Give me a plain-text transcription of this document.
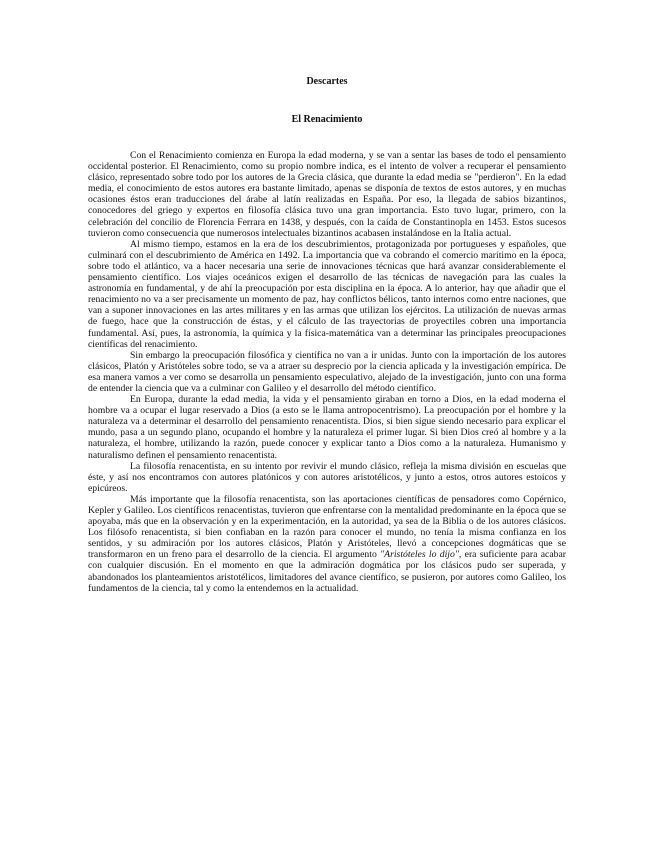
Descartes
El Renacimiento

Con el Renacimiento comienza en Europa la edad moderna, y se van a sentar las bases de todo el pensamiento occidental posterior. El Renacimiento, como su propio nombre indica, es el intento de volver a recuperar el pensamiento clásico, representado sobre todo por los autores de la Grecia clásica, que durante la edad media se "perdieron". En la edad media, el conocimiento de estos autores era bastante limitado, apenas se disponía de textos de estos autores, y en muchas ocasiones éstos eran traducciones del árabe al latín realizadas en España. Por eso, la llegada de sabios bizantinos, conocedores del griego y expertos en filosofía clásica tuvo una gran importancia. Esto tuvo lugar, primero, con la celebración del concilio de Florencia Ferrara en 1438, y después, con la caída de Constantinopla en 1453. Estos sucesos tuvieron como consecuencia que numerosos intelectuales bizantinos acabasen instalándose en la Italia actual.

Al mismo tiempo, estamos en la era de los descubrimientos, protagonizada por portugueses y españoles, que culminará con el descubrimiento de América en 1492. La importancia que va cobrando el comercio marítimo en la época, sobre todo el atlántico, va a hacer necesaria una serie de innovaciones técnicas que hará avanzar considerablemente el pensamiento científico. Los viajes oceánicos exigen el desarrollo de las técnicas de navegación para las cuales la astronomía en fundamental, y de ahí la preocupación por esta disciplina en la época. A lo anterior, hay que añadir que el renacimiento no va a ser precisamente un momento de paz, hay conflictos bélicos, tanto internos como entre naciones, que van a suponer innovaciones en las artes militares y en las armas que utilizan los ejércitos. La utilización de nuevas armas de fuego, hace que la construcción de éstas, y el cálculo de las trayectorias de proyectiles cobren una importancia fundamental. Así, pues, la astronomía, la química y la física-matemática van a determinar las principales preocupaciones científicas del renacimiento.

Sin embargo la preocupación filosófica y científica no van a ir unidas. Junto con la importación de los autores clásicos, Platón y Aristóteles sobre todo, se va a atraer su desprecio por la ciencia aplicada y la investigación empírica. De esa manera vamos a ver como se desarrolla un pensamiento especulativo, alejado de la investigación, junto con una forma de entender la ciencia que va a culminar con Galileo y el desarrollo del método científico.

En Europa, durante la edad media, la vida y el pensamiento giraban en torno a Dios, en la edad moderna el hombre va a ocupar el lugar reservado a Dios (a esto se le llama antropocentrismo). La preocupación por el hombre y la naturaleza va a determinar el desarrollo del pensamiento renacentista. Dios, si bien sigue siendo necesario para explicar el mundo, pasa a un segundo plano, ocupando el hombre y la naturaleza el primer lugar. Si bien Dios creó al hombre y a la naturaleza, el hombre, utilizando la razón, puede conocer y explicar tanto a Dios como a la naturaleza. Humanismo y naturalismo definen el pensamiento renacentista.

La filosofía renacentista, en su intento por revivir el mundo clásico, refleja la misma división en escuelas que éste, y así nos encontramos con autores platónicos y con autores aristotélicos, y junto a estos, otros autores estoicos y epicúreos.

Más importante que la filosofía renacentista, son las aportaciones científicas de pensadores como Copérnico, Kepler y Galileo. Los científicos renacentistas, tuvieron que enfrentarse con la mentalidad predominante en la época que se apoyaba, más que en la observación y en la experimentación, en la autoridad, ya sea de la Biblia o de los autores clásicos. Los filósofo renacentista, si bien confiaban en la razón para conocer el mundo, no tenía la misma confianza en los sentidos, y su admiración por los autores clásicos, Platón y Aristóteles, llevó a concepciones dogmáticas que se transformaron en un freno para el desarrollo de la ciencia. El argumento "Aristóteles lo dijo", era suficiente para acabar con cualquier discusión. En el momento en que la admiración dogmática por los clásicos pudo ser superada, y abandonados los planteamientos aristotélicos, limitadores del avance científico, se pusieron, por autores como Galileo, los fundamentos de la ciencia, tal y como la entendemos en la actualidad.
